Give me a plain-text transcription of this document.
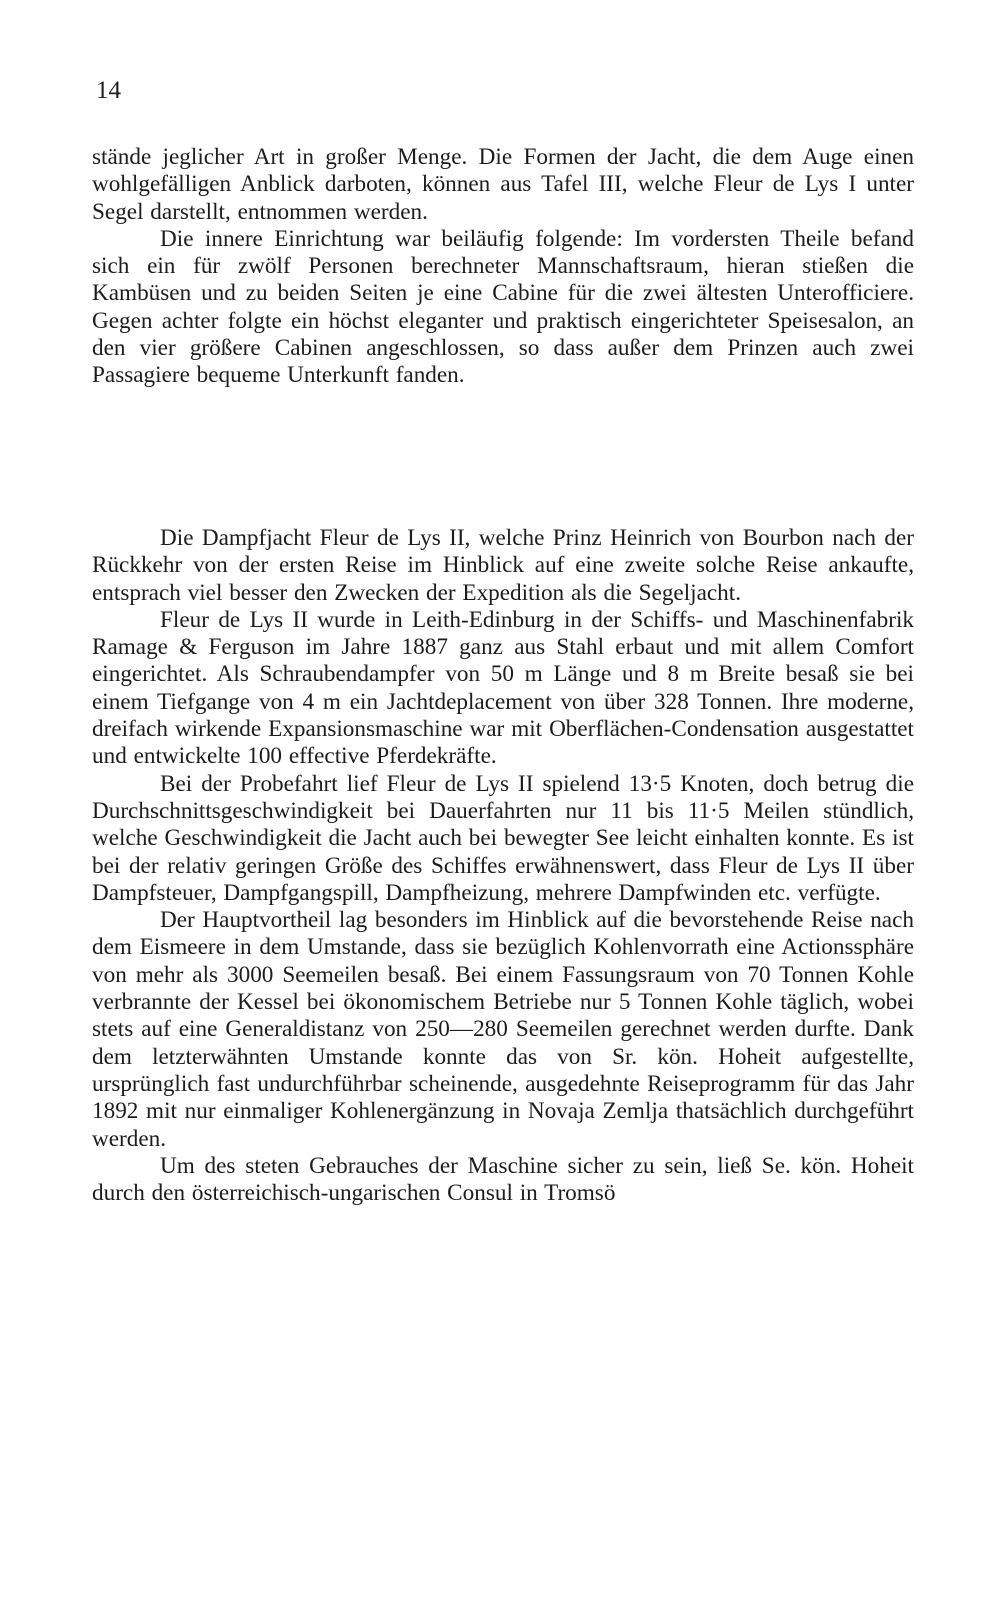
14

stände jeglicher Art in großer Menge. Die Formen der Jacht, die dem Auge einen wohlgefälligen Anblick darboten, können aus Tafel III, welche Fleur de Lys I unter Segel darstellt, entnommen werden.

Die innere Einrichtung war beiläufig folgende: Im vordersten Theile befand sich ein für zwölf Personen berechneter Mannschaftsraum, hieran stießen die Kambüsen und zu beiden Seiten je eine Cabine für die zwei ältesten Unterofficiere. Gegen achter folgte ein höchst eleganter und praktisch eingerichteter Speisesalon, an den vier größere Cabinen angeschlossen, so dass außer dem Prinzen auch zwei Passagiere bequeme Unterkunft fanden.

Die Dampfjacht Fleur de Lys II, welche Prinz Heinrich von Bourbon nach der Rückkehr von der ersten Reise im Hinblick auf eine zweite solche Reise ankaufte, entsprach viel besser den Zwecken der Expedition als die Segeljacht.

Fleur de Lys II wurde in Leith-Edinburg in der Schiffs- und Maschinenfabrik Ramage & Ferguson im Jahre 1887 ganz aus Stahl erbaut und mit allem Comfort eingerichtet. Als Schraubendampfer von 50 m Länge und 8 m Breite besaß sie bei einem Tiefgange von 4 m ein Jachtdeplacement von über 328 Tonnen. Ihre moderne, dreifach wirkende Expansionsmaschine war mit Oberflächen-Condensation ausgestattet und entwickelte 100 effective Pferdekräfte.

Bei der Probefahrt lief Fleur de Lys II spielend 13·5 Knoten, doch betrug die Durchschnittsgeschwindigkeit bei Dauerfahrten nur 11 bis 11·5 Meilen stündlich, welche Geschwindigkeit die Jacht auch bei bewegter See leicht einhalten konnte. Es ist bei der relativ geringen Größe des Schiffes erwähnenswert, dass Fleur de Lys II über Dampfsteuer, Dampfgangspill, Dampfheizung, mehrere Dampfwinden etc. verfügte.

Der Hauptvortheil lag besonders im Hinblick auf die bevorstehende Reise nach dem Eismeere in dem Umstande, dass sie bezüglich Kohlenvorrath eine Actionssphäre von mehr als 3000 Seemeilen besaß. Bei einem Fassungsraum von 70 Tonnen Kohle verbrannte der Kessel bei ökonomischem Betriebe nur 5 Tonnen Kohle täglich, wobei stets auf eine Generaldistanz von 250—280 Seemeilen gerechnet werden durfte. Dank dem letzterwähnten Umstande konnte das von Sr. kön. Hoheit aufgestellte, ursprünglich fast undurchführbar scheinende, ausgedehnte Reiseprogramm für das Jahr 1892 mit nur einmaliger Kohlenergänzung in Novaja Zemlja thatsächlich durchgeführt werden.

Um des steten Gebrauches der Maschine sicher zu sein, ließ Se. kön. Hoheit durch den österreichisch-ungarischen Consul in Tromsö
